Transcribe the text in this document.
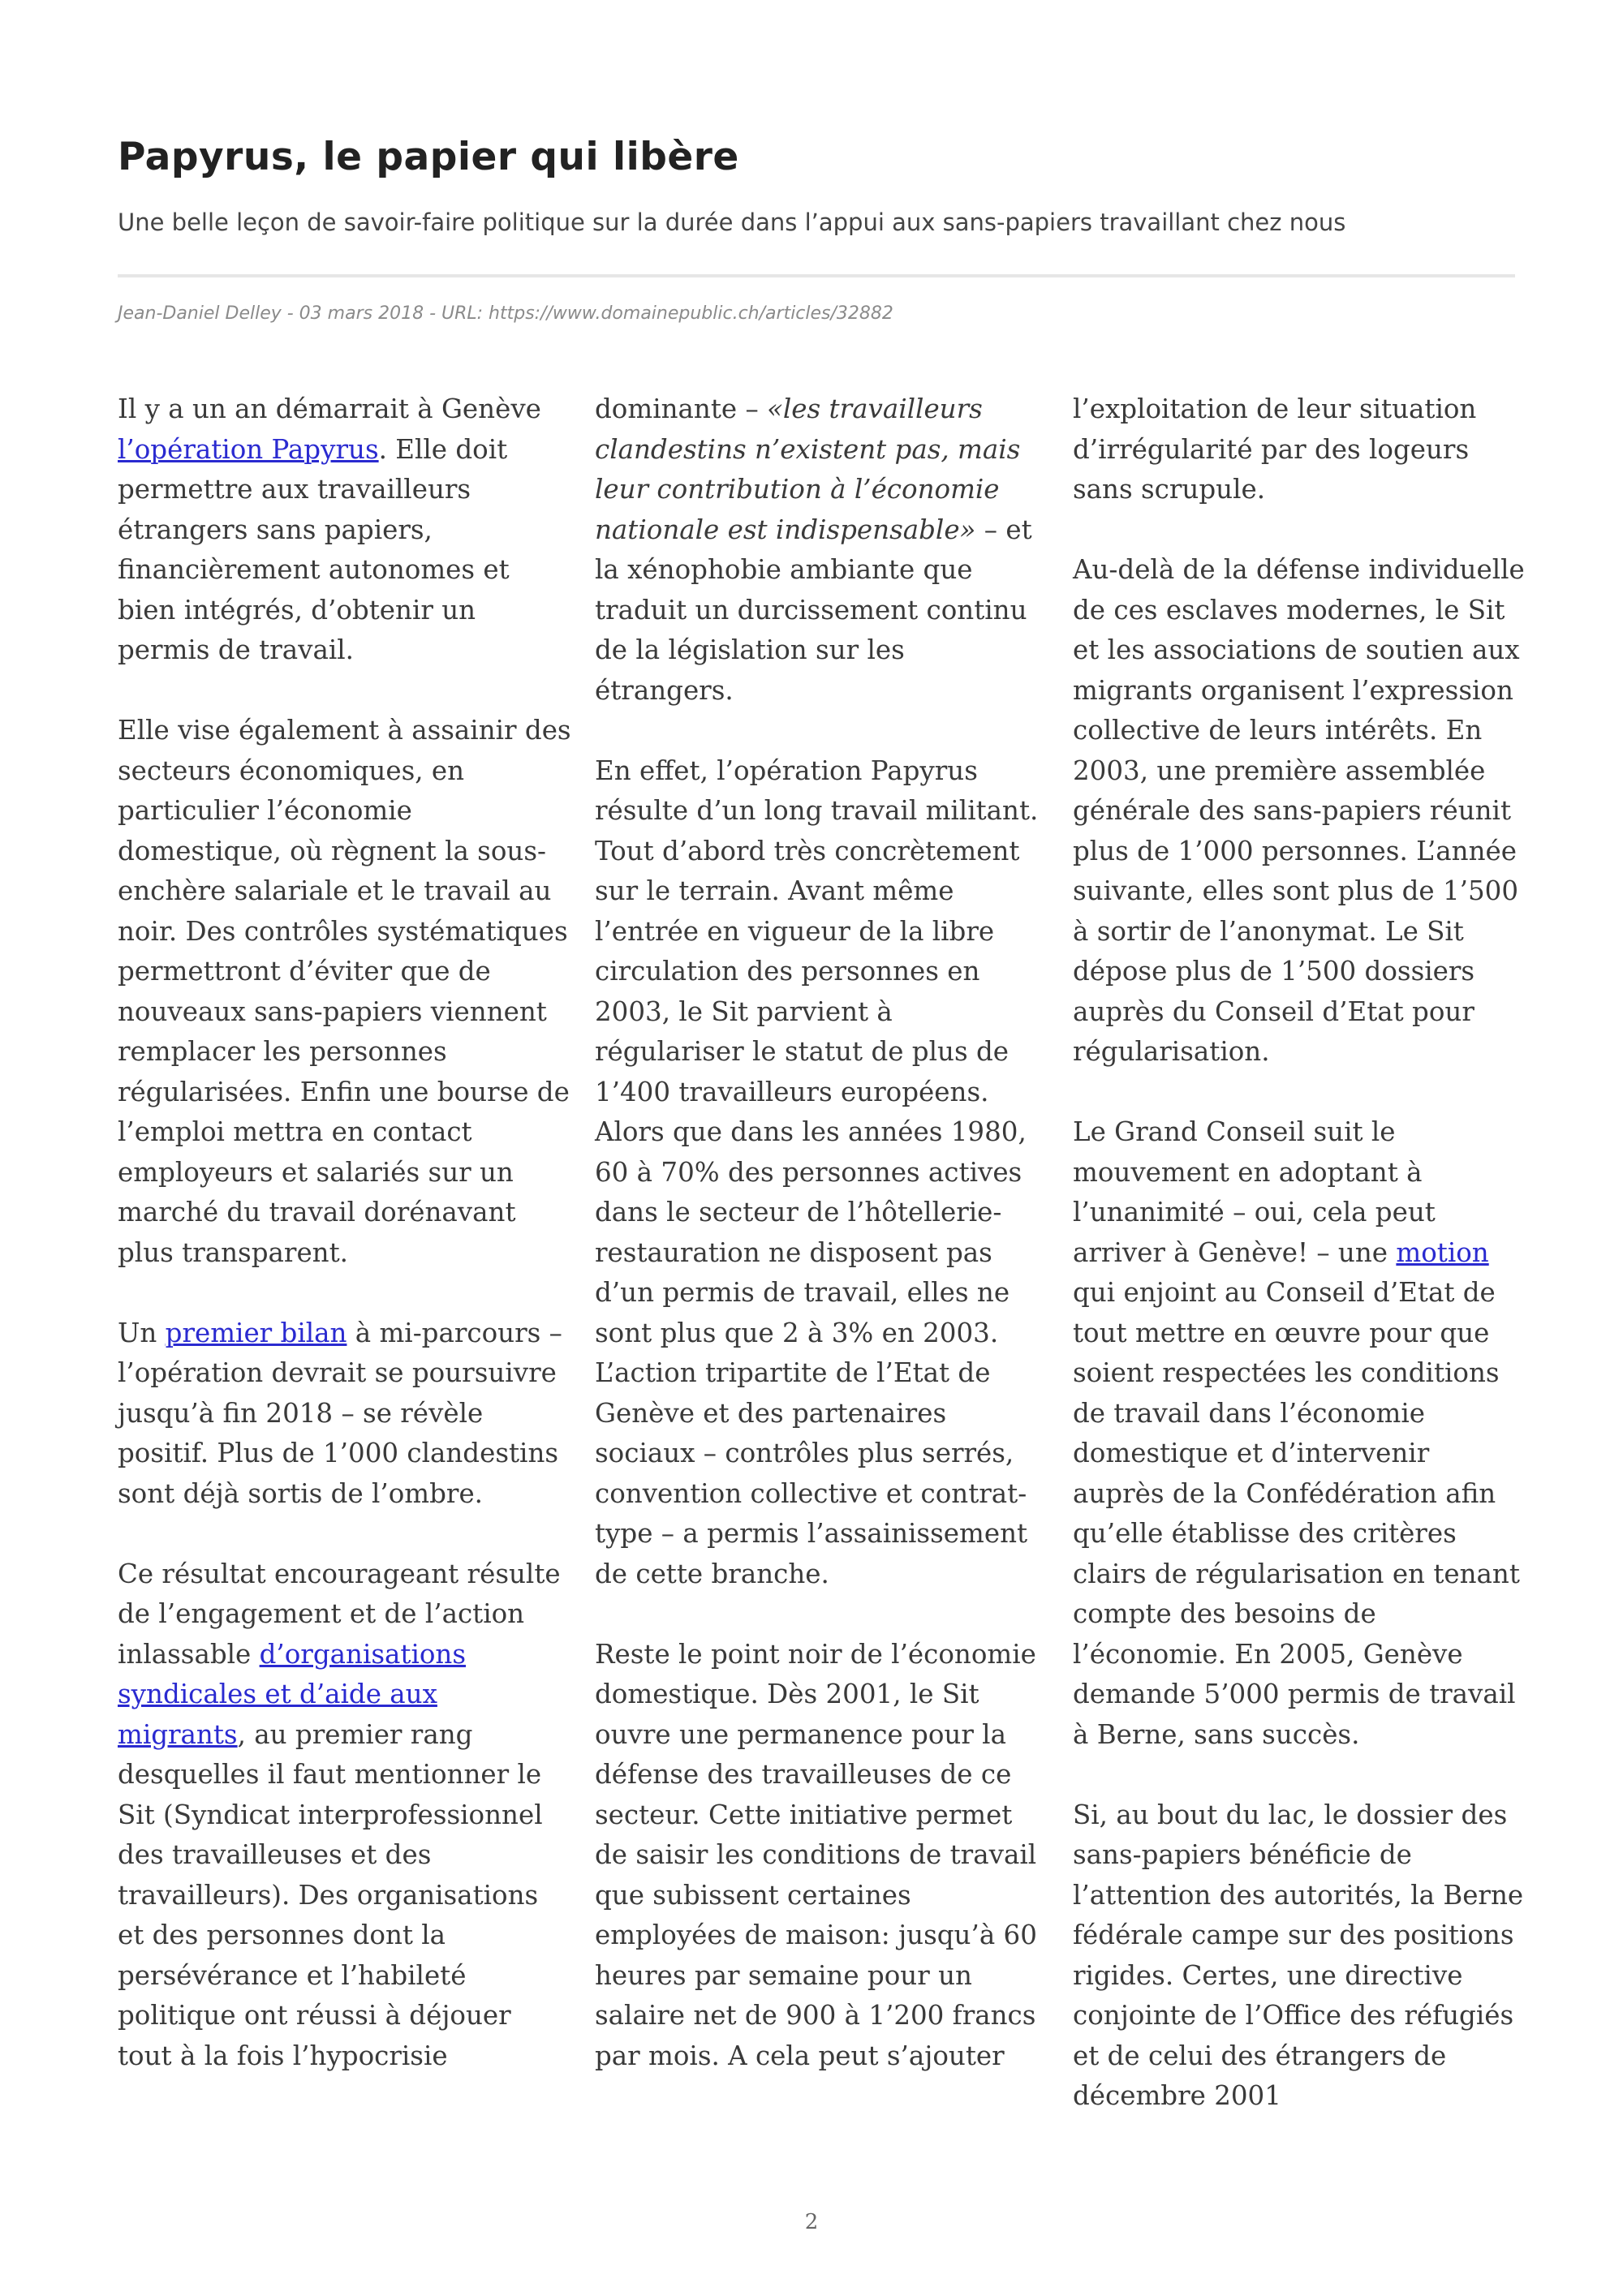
Papyrus, le papier qui libère

Une belle leçon de savoir-faire politique sur la durée dans l’appui aux sans-papiers travaillant chez nous

Jean-Daniel Delley - 03 mars 2018 - URL: https://www.domainepublic.ch/articles/32882

Il y a un an démarrait à Genève l’opération Papyrus. Elle doit permettre aux travailleurs étrangers sans papiers, financièrement autonomes et bien intégrés, d’obtenir un permis de travail.

Elle vise également à assainir des secteurs économiques, en particulier l’économie domestique, où règnent la sous-enchère salariale et le travail au noir. Des contrôles systématiques permettront d’éviter que de nouveaux sans-papiers viennent remplacer les personnes régularisées. Enfin une bourse de l’emploi mettra en contact employeurs et salariés sur un marché du travail dorénavant plus transparent.

Un premier bilan à mi-parcours – l’opération devrait se poursuivre jusqu’à fin 2018 – se révèle positif. Plus de 1’000 clandestins sont déjà sortis de l’ombre.

Ce résultat encourageant résulte de l’engagement et de l’action inlassable d’organisations syndicales et d’aide aux migrants, au premier rang desquelles il faut mentionner le Sit (Syndicat interprofessionnel des travailleuses et des travailleurs). Des organisations et des personnes dont la persévérance et l’habileté politique ont réussi à déjouer tout à la fois l’hypocrisie

dominante – «les travailleurs clandestins n’existent pas, mais leur contribution à l’économie nationale est indispensable» – et la xénophobie ambiante que traduit un durcissement continu de la législation sur les étrangers.

En effet, l’opération Papyrus résulte d’un long travail militant. Tout d’abord très concrètement sur le terrain. Avant même l’entrée en vigueur de la libre circulation des personnes en 2003, le Sit parvient à régulariser le statut de plus de 1’400 travailleurs européens. Alors que dans les années 1980, 60 à 70% des personnes actives dans le secteur de l’hôtellerie-restauration ne disposent pas d’un permis de travail, elles ne sont plus que 2 à 3% en 2003. L’action tripartite de l’Etat de Genève et des partenaires sociaux – contrôles plus serrés, convention collective et contrat-type – a permis l’assainissement de cette branche.

Reste le point noir de l’économie domestique. Dès 2001, le Sit ouvre une permanence pour la défense des travailleuses de ce secteur. Cette initiative permet de saisir les conditions de travail que subissent certaines employées de maison: jusqu’à 60 heures par semaine pour un salaire net de 900 à 1’200 francs par mois. A cela peut s’ajouter

l’exploitation de leur situation d’irrégularité par des logeurs sans scrupule.

Au-delà de la défense individuelle de ces esclaves modernes, le Sit et les associations de soutien aux migrants organisent l’expression collective de leurs intérêts. En 2003, une première assemblée générale des sans-papiers réunit plus de 1’000 personnes. L’année suivante, elles sont plus de 1’500 à sortir de l’anonymat. Le Sit dépose plus de 1’500 dossiers auprès du Conseil d’Etat pour régularisation.

Le Grand Conseil suit le mouvement en adoptant à l’unanimité – oui, cela peut arriver à Genève! – une motion qui enjoint au Conseil d’Etat de tout mettre en œuvre pour que soient respectées les conditions de travail dans l’économie domestique et d’intervenir auprès de la Confédération afin qu’elle établisse des critères clairs de régularisation en tenant compte des besoins de l’économie. En 2005, Genève demande 5’000 permis de travail à Berne, sans succès.

Si, au bout du lac, le dossier des sans-papiers bénéficie de l’attention des autorités, la Berne fédérale campe sur des positions rigides. Certes, une directive conjointe de l’Office des réfugiés et de celui des étrangers de décembre 2001

2
